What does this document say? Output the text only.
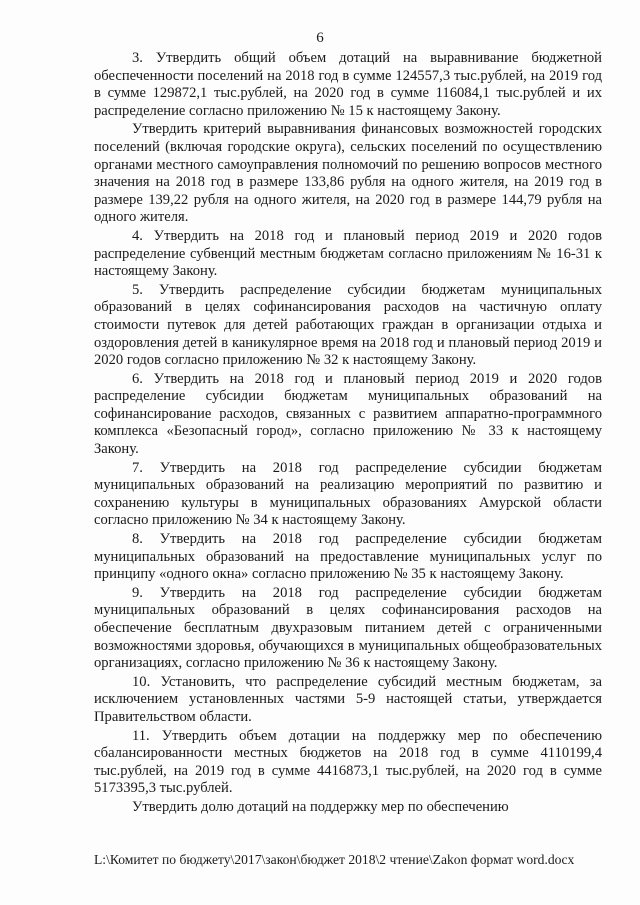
6

3. Утвердить общий объем дотаций на выравнивание бюджетной обеспеченности поселений на 2018 год в сумме 124557,3 тыс.рублей, на 2019 год в сумме 129872,1 тыс.рублей, на 2020 год в сумме 116084,1 тыс.рублей и их распределение согласно приложению № 15 к настоящему Закону.

Утвердить критерий выравнивания финансовых возможностей городских поселений (включая городские округа), сельских поселений по осуществлению органами местного самоуправления полномочий по решению вопросов местного значения на 2018 год в размере 133,86 рубля на одного жителя, на 2019 год в размере 139,22 рубля на одного жителя, на 2020 год в размере 144,79 рубля на одного жителя.

4. Утвердить на 2018 год и плановый период 2019 и 2020 годов распределение субвенций местным бюджетам согласно приложениям № 16-31 к настоящему Закону.

5. Утвердить распределение субсидии бюджетам муниципальных образований в целях софинансирования расходов на частичную оплату стоимости путевок для детей работающих граждан в организации отдыха и оздоровления детей в каникулярное время на 2018 год и плановый период 2019 и 2020 годов согласно приложению № 32 к настоящему Закону.

6. Утвердить на 2018 год и плановый период 2019 и 2020 годов распределение субсидии бюджетам муниципальных образований на софинансирование расходов, связанных с развитием аппаратно-программного комплекса «Безопасный город», согласно приложению № 33 к настоящему Закону.

7. Утвердить на 2018 год распределение субсидии бюджетам муниципальных образований на реализацию мероприятий по развитию и сохранению культуры в муниципальных образованиях Амурской области согласно приложению № 34 к настоящему Закону.

8. Утвердить на 2018 год распределение субсидии бюджетам муниципальных образований на предоставление муниципальных услуг по принципу «одного окна» согласно приложению № 35 к настоящему Закону.

9. Утвердить на 2018 год распределение субсидии бюджетам муниципальных образований в целях софинансирования расходов на обеспечение бесплатным двухразовым питанием детей с ограниченными возможностями здоровья, обучающихся в муниципальных общеобразовательных организациях, согласно приложению № 36 к настоящему Закону.

10. Установить, что распределение субсидий местным бюджетам, за исключением установленных частями 5-9 настоящей статьи, утверждается Правительством области.

11. Утвердить объем дотации на поддержку мер по обеспечению сбалансированности местных бюджетов на 2018 год в сумме 4110199,4 тыс.рублей, на 2019 год в сумме 4416873,1 тыс.рублей, на 2020 год в сумме 5173395,3 тыс.рублей.

Утвердить долю дотаций на поддержку мер по обеспечению

L:\Комитет по бюджету\2017\закон\бюджет 2018\2 чтение\Zakon формат word.docx
